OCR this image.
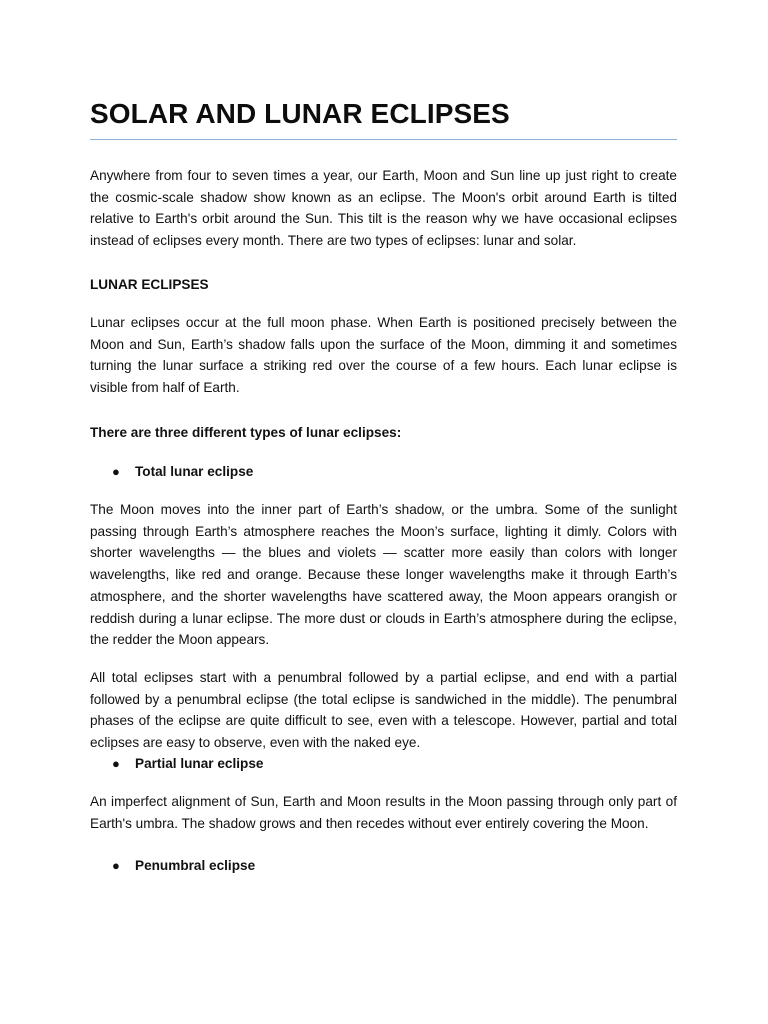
SOLAR AND LUNAR ECLIPSES

Anywhere from four to seven times a year, our Earth, Moon and Sun line up just right to create the cosmic-scale shadow show known as an eclipse. The Moon's orbit around Earth is tilted relative to Earth's orbit around the Sun. This tilt is the reason why we have occasional eclipses instead of eclipses every month. There are two types of eclipses: lunar and solar.

LUNAR ECLIPSES

Lunar eclipses occur at the full moon phase. When Earth is positioned precisely between the Moon and Sun, Earth’s shadow falls upon the surface of the Moon, dimming it and sometimes turning the lunar surface a striking red over the course of a few hours. Each lunar eclipse is visible from half of Earth.

There are three different types of lunar eclipses:
●	Total lunar eclipse

The Moon moves into the inner part of Earth’s shadow, or the umbra. Some of the sunlight passing through Earth’s atmosphere reaches the Moon’s surface, lighting it dimly. Colors with shorter wavelengths — the blues and violets — scatter more easily than colors with longer wavelengths, like red and orange. Because these longer wavelengths make it through Earth’s atmosphere, and the shorter wavelengths have scattered away, the Moon appears orangish or reddish during a lunar eclipse. The more dust or clouds in Earth’s atmosphere during the eclipse, the redder the Moon appears.

All total eclipses start with a penumbral followed by a partial eclipse, and end with a partial followed by a penumbral eclipse (the total eclipse is sandwiched in the middle). The penumbral phases of the eclipse are quite difficult to see, even with a telescope. However, partial and total eclipses are easy to observe, even with the naked eye.

●	Partial lunar eclipse

An imperfect alignment of Sun, Earth and Moon results in the Moon passing through only part of Earth's umbra. The shadow grows and then recedes without ever entirely covering the Moon.

●	Penumbral eclipse
